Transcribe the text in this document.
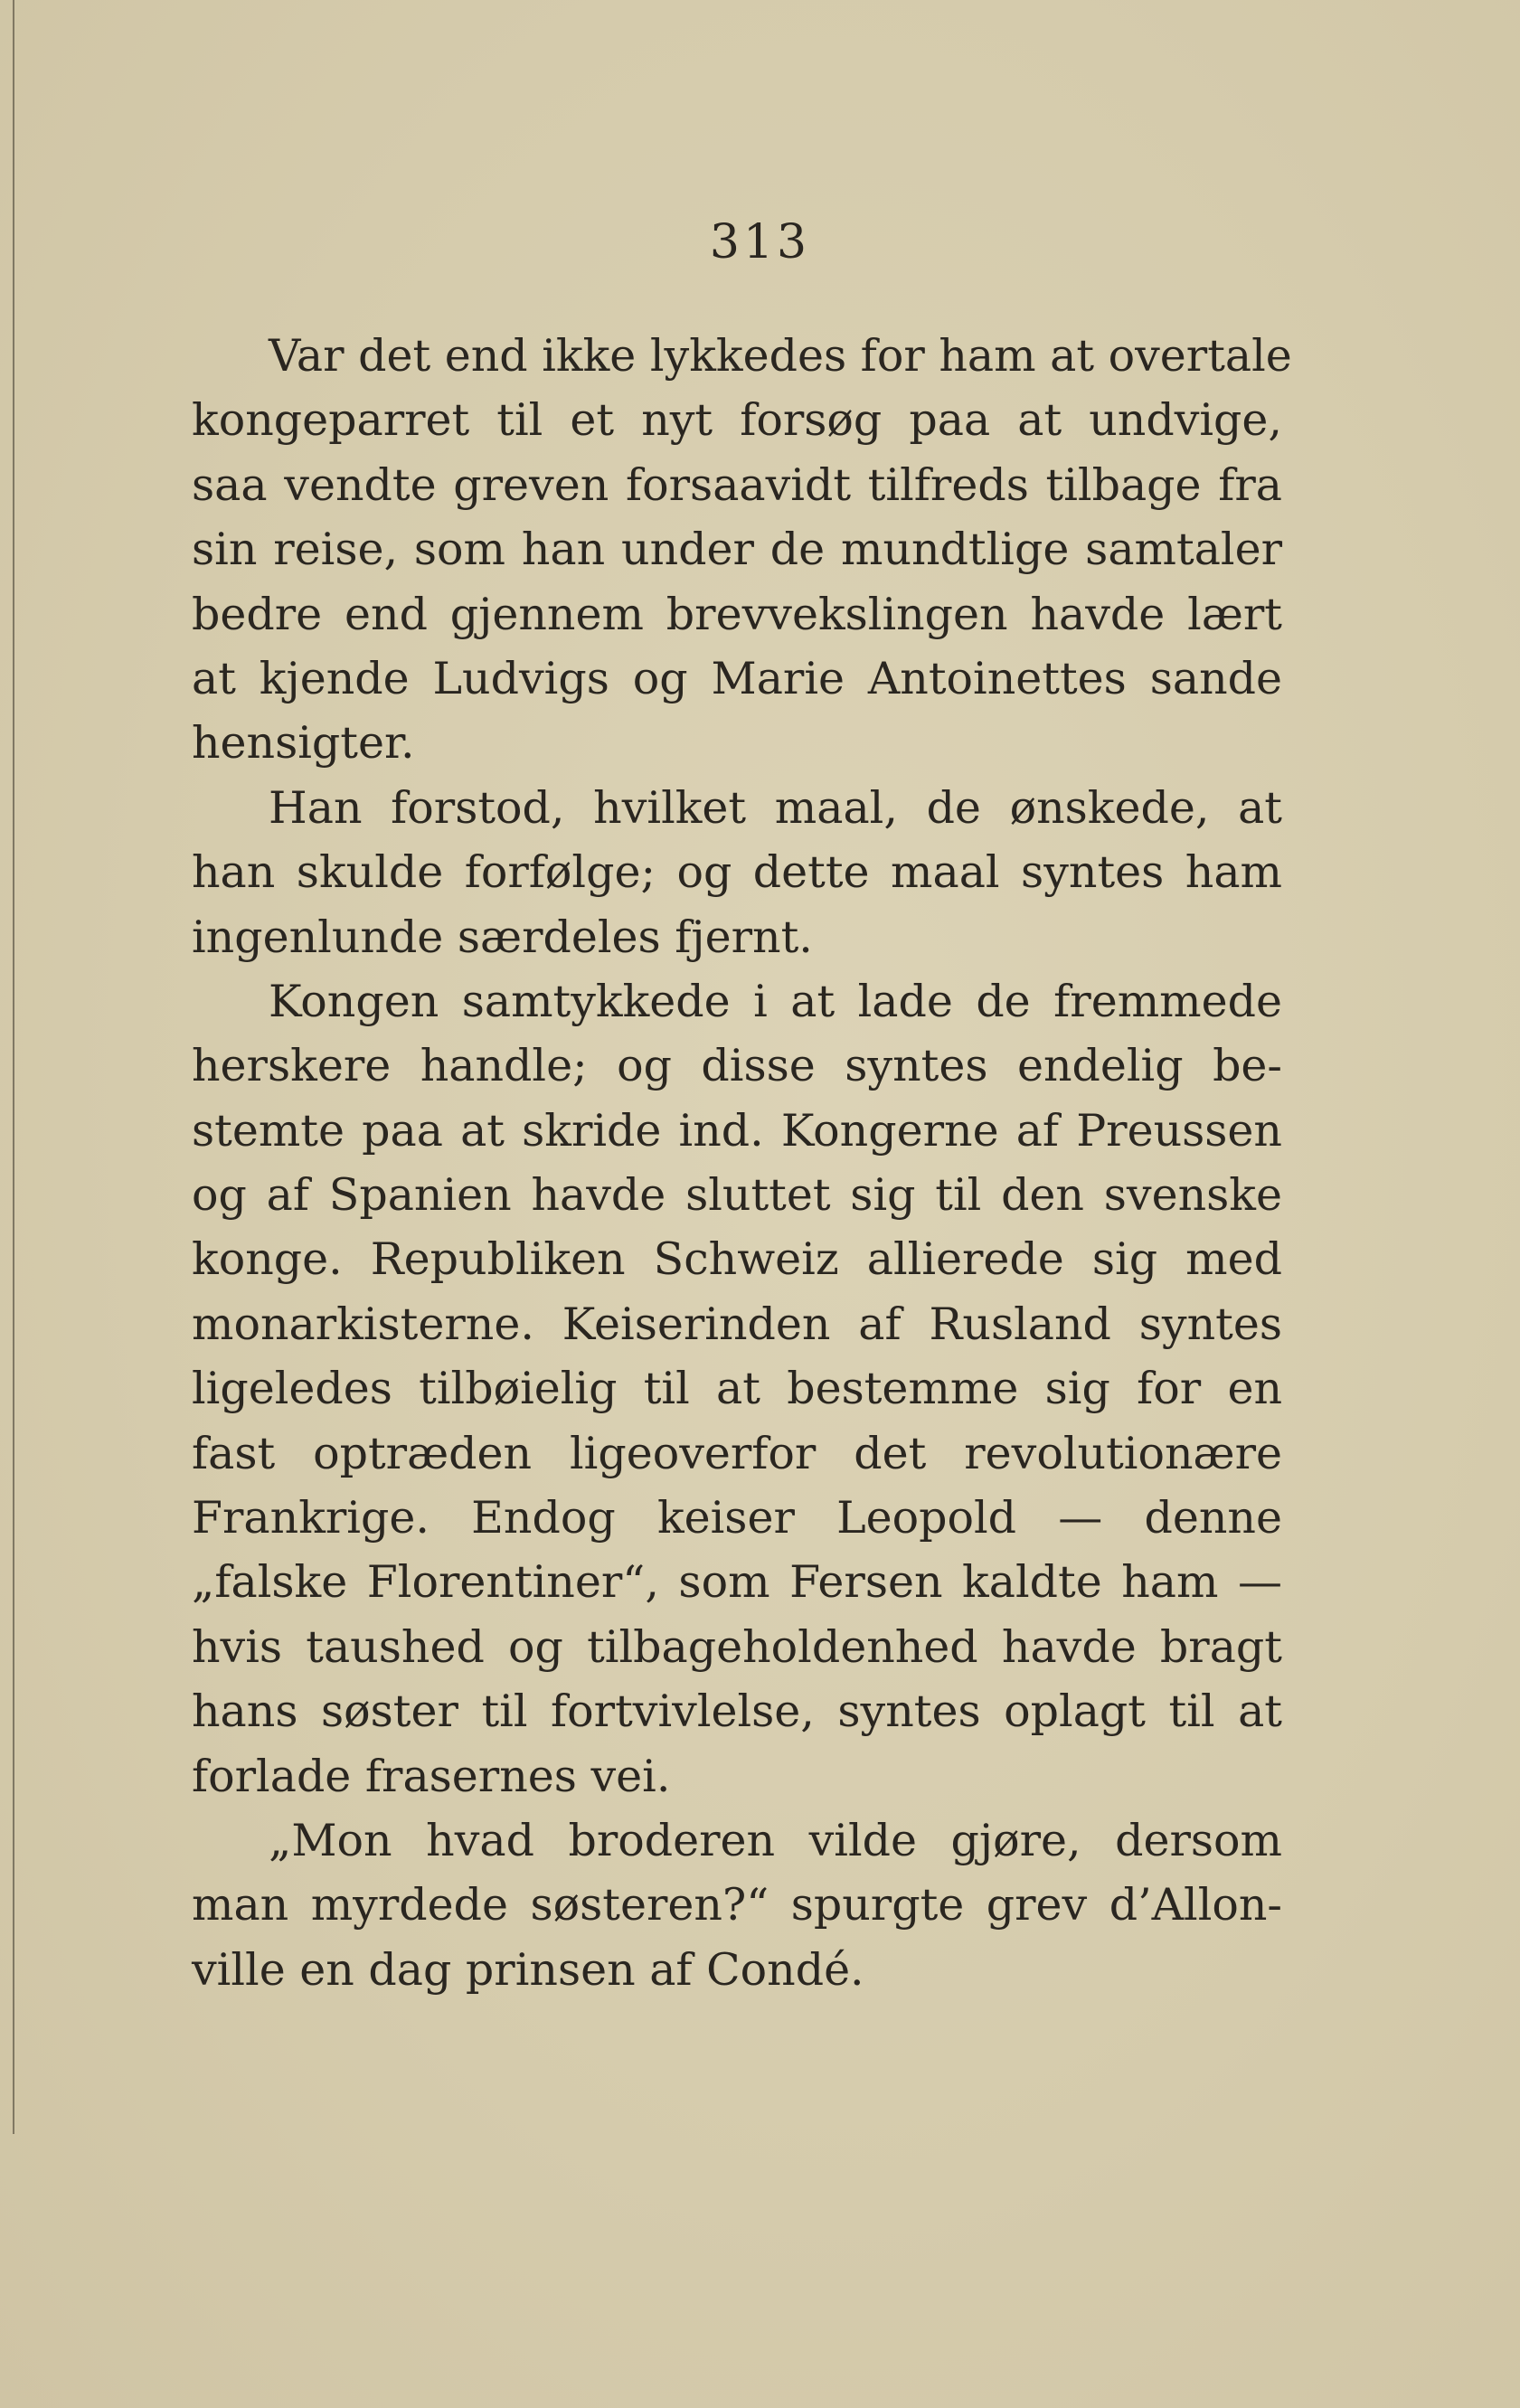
313
Var det end ikke lykkedes for ham at overtale
kongeparret til et nyt forsøg paa at undvige,
saa vendte greven forsaavidt tilfreds tilbage fra
sin reise, som han under de mundtlige samtaler
bedre end gjennem brevvekslingen havde lært
at kjende Ludvigs og Marie Antoinettes sande
hensigter.
Han forstod, hvilket maal, de ønskede, at
han skulde forfølge; og dette maal syntes ham
ingenlunde særdeles fjernt.
Kongen samtykkede i at lade de fremmede
herskere handle; og disse syntes endelig be-
stemte paa at skride ind. Kongerne af Preussen
og af Spanien havde sluttet sig til den svenske
konge. Republiken Schweiz allierede sig med
monarkisterne. Keiserinden af Rusland syntes
ligeledes tilbøielig til at bestemme sig for en
fast optræden ligeoverfor det revolutionære
Frankrige. Endog keiser Leopold — denne
„falske Florentiner“, som Fersen kaldte ham —
hvis taushed og tilbageholdenhed havde bragt
hans søster til fortvivlelse, syntes oplagt til at
forlade frasernes vei.
„Mon hvad broderen vilde gjøre, dersom
man myrdede søsteren?“ spurgte grev d’Allon-
ville en dag prinsen af Condé.
